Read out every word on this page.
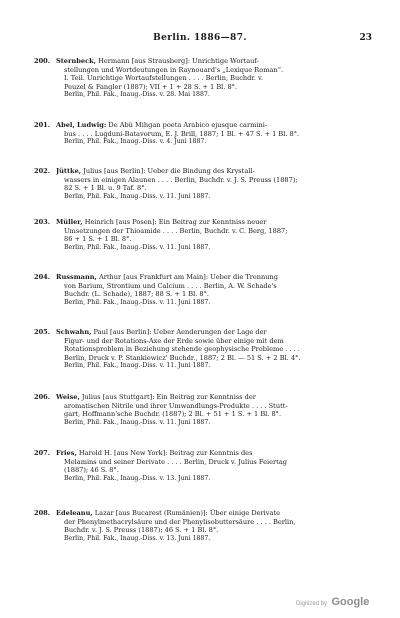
Berlin. 1886—87.	23
200. Sternbeck, Hermann [aus Strausberg]: Unrichtige Wortauf-
stellungen und Wortdeutungen in Raynouard's „Lexique Roman“.
I. Teil. Unrichtige Wortaufstellungen . . . . Berlin, Buchdr. v.
Peuzel & Fangler (1887); VII + 1 + 28 S. + 1 Bl. 8°.
Berlin, Phil. Fak., Inaug.-Diss. v. 28. Mai 1887.
201. Abel, Ludwig: De Abû Mihgan poeta Arabico ejusque carmini-
bus . . . . Lugduni-Batavorum, E. J. Brill, 1887; 1 Bl. + 47 S. + 1 Bl. 8°.
Berlin, Phil. Fak., Inaug.-Diss. v. 4. Juni 1887.
202. Jüttke, Julius [aus Berlin]: Ueber die Bindung des Krystall-
wassers in einigen Alaunen . . . . Berlin, Buchdr. v. J. S. Preuss (1887);
82 S. + 1 Bl. u. 9 Taf. 8°.
Berlin, Phil. Fak., Inaug.-Diss. v. 11. Juni 1887.
203. Müller, Heinrich [aus Posen]: Ein Beitrag zur Kenntniss neuer
Umsetzungen der Thioamide . . . . Berlin, Buchdr. v. C. Berg, 1887;
86 + 1 S. + 1 Bl. 8°.
Berlin, Phil. Fak., Inaug.-Diss. v. 11. Juni 1887.
204. Russmann, Arthur [aus Frankfurt am Main]: Ueber die Trennung
von Barium, Strontium und Calcium . . . . Berlin, A. W. Schade's
Buchdr. (L. Schade), 1887; 88 S. + 1 Bl. 8°.
Berlin, Phil. Fak., Inaug.-Diss. v. 11. Juni 1887.
205. Schwahn, Paul [aus Berlin]: Ueber Aenderungen der Lage der
Figur- und der Rotations-Axe der Erde sowie über einige mit dem
Rotationsproblem in Beziehung stehende geophysische Probleme . . . .
Berlin, Druck v. P. Stankiewicz' Buchdr., 1887; 2 Bl. — 51 S. + 2 Bl. 4°.
Berlin, Phil. Fak., Inaug.-Diss. v. 11. Juni 1887.
206. Weise, Julius [aus Stuttgart]: Ein Beitrag zur Kenntniss der
aromatischen Nitrile und ihrer Umwandlungs-Produkte . . . . Stutt-
gart, Hoffmann'sche Buchdr. (1887); 2 Bl. + 51 + 1 S. + 1 Bl. 8°.
Berlin, Phil. Fak., Inaug.-Diss. v. 11. Juni 1887.
207. Fries, Harold H. [aus New York]: Beitrag zur Kenntnis des
Melamins und seiner Derivate . . . . Berlin, Druck v. Julius Feiertag
(1887); 46 S. 8°.
Berlin, Phil. Fak., Inaug.-Diss. v. 13. Juni 1887.
208. Edeleanu, Lazar [aus Bucarest (Rumänien)]: Über einige Derivate
der Phenylmethacrylsäure und der Phenylisobuttersäure . . . . Berlin,
Buchdr. v. J. S. Preuss (1887); 46 S. + 1 Bl. 8°.
Berlin, Phil. Fak., Inaug.-Diss. v. 13. Juni 1887.
Digitized by Google
